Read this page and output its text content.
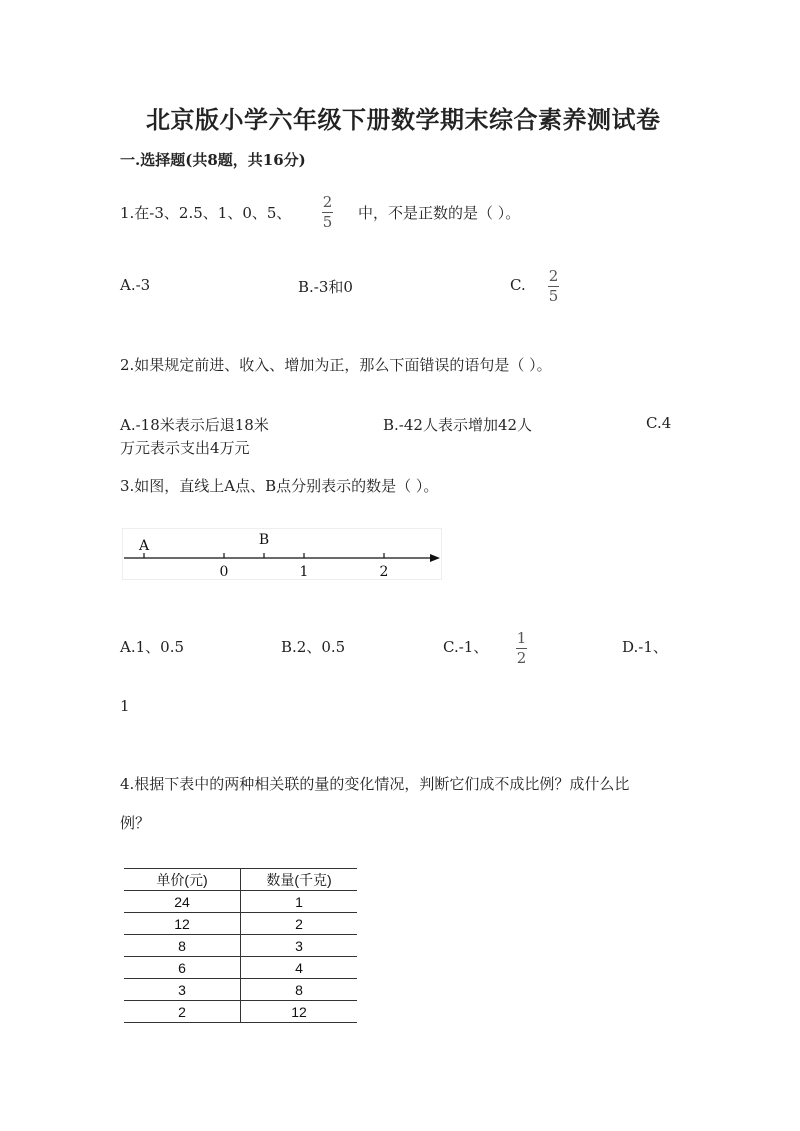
北京版小学六年级下册数学期末综合素养测试卷
一.选择题(共8题，共16分)
1.在-3、2.5、1、0、5、
2
5 中，不是正数的是（ ）。
A.-3	B.-3和0	C. 2
5
2.如果规定前进、收入、增加为正，那么下面错误的语句是（ ）。
A.-18米表示后退18米	B.-42人表示增加42人	C.4
万元表示支出4万元
3.如图，直线上A点、B点分别表示的数是（ ）。
0	1	2
A	B
A.1、0.5	B.2、0.5	C.-1、 1
2
D.-1、
1
4.根据下表中的两种相关联的量的变化情况，判断它们成不成比例？成什么比
例？
单价(元)	数量(千克)
24	1
12	2
8	3
6	4
3	8
2	12
